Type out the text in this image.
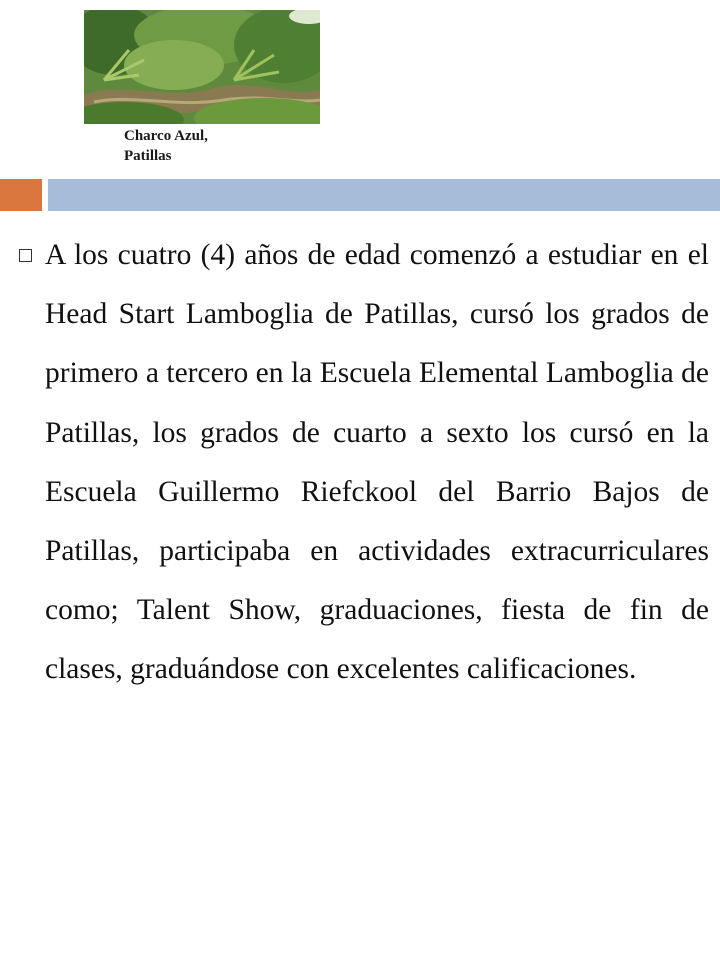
Charco Azul,
Patillas
A los cuatro (4) años de edad comenzó a estudiar en el Head Start Lamboglia de Patillas, cursó los grados de primero a tercero en la Escuela Elemental Lamboglia de Patillas, los grados de cuarto a sexto los cursó en la Escuela Guillermo Riefckool del Barrio Bajos de Patillas, participaba en actividades extracurriculares como; Talent Show, graduaciones, fiesta de fin de clases, graduándose con excelentes calificaciones.
